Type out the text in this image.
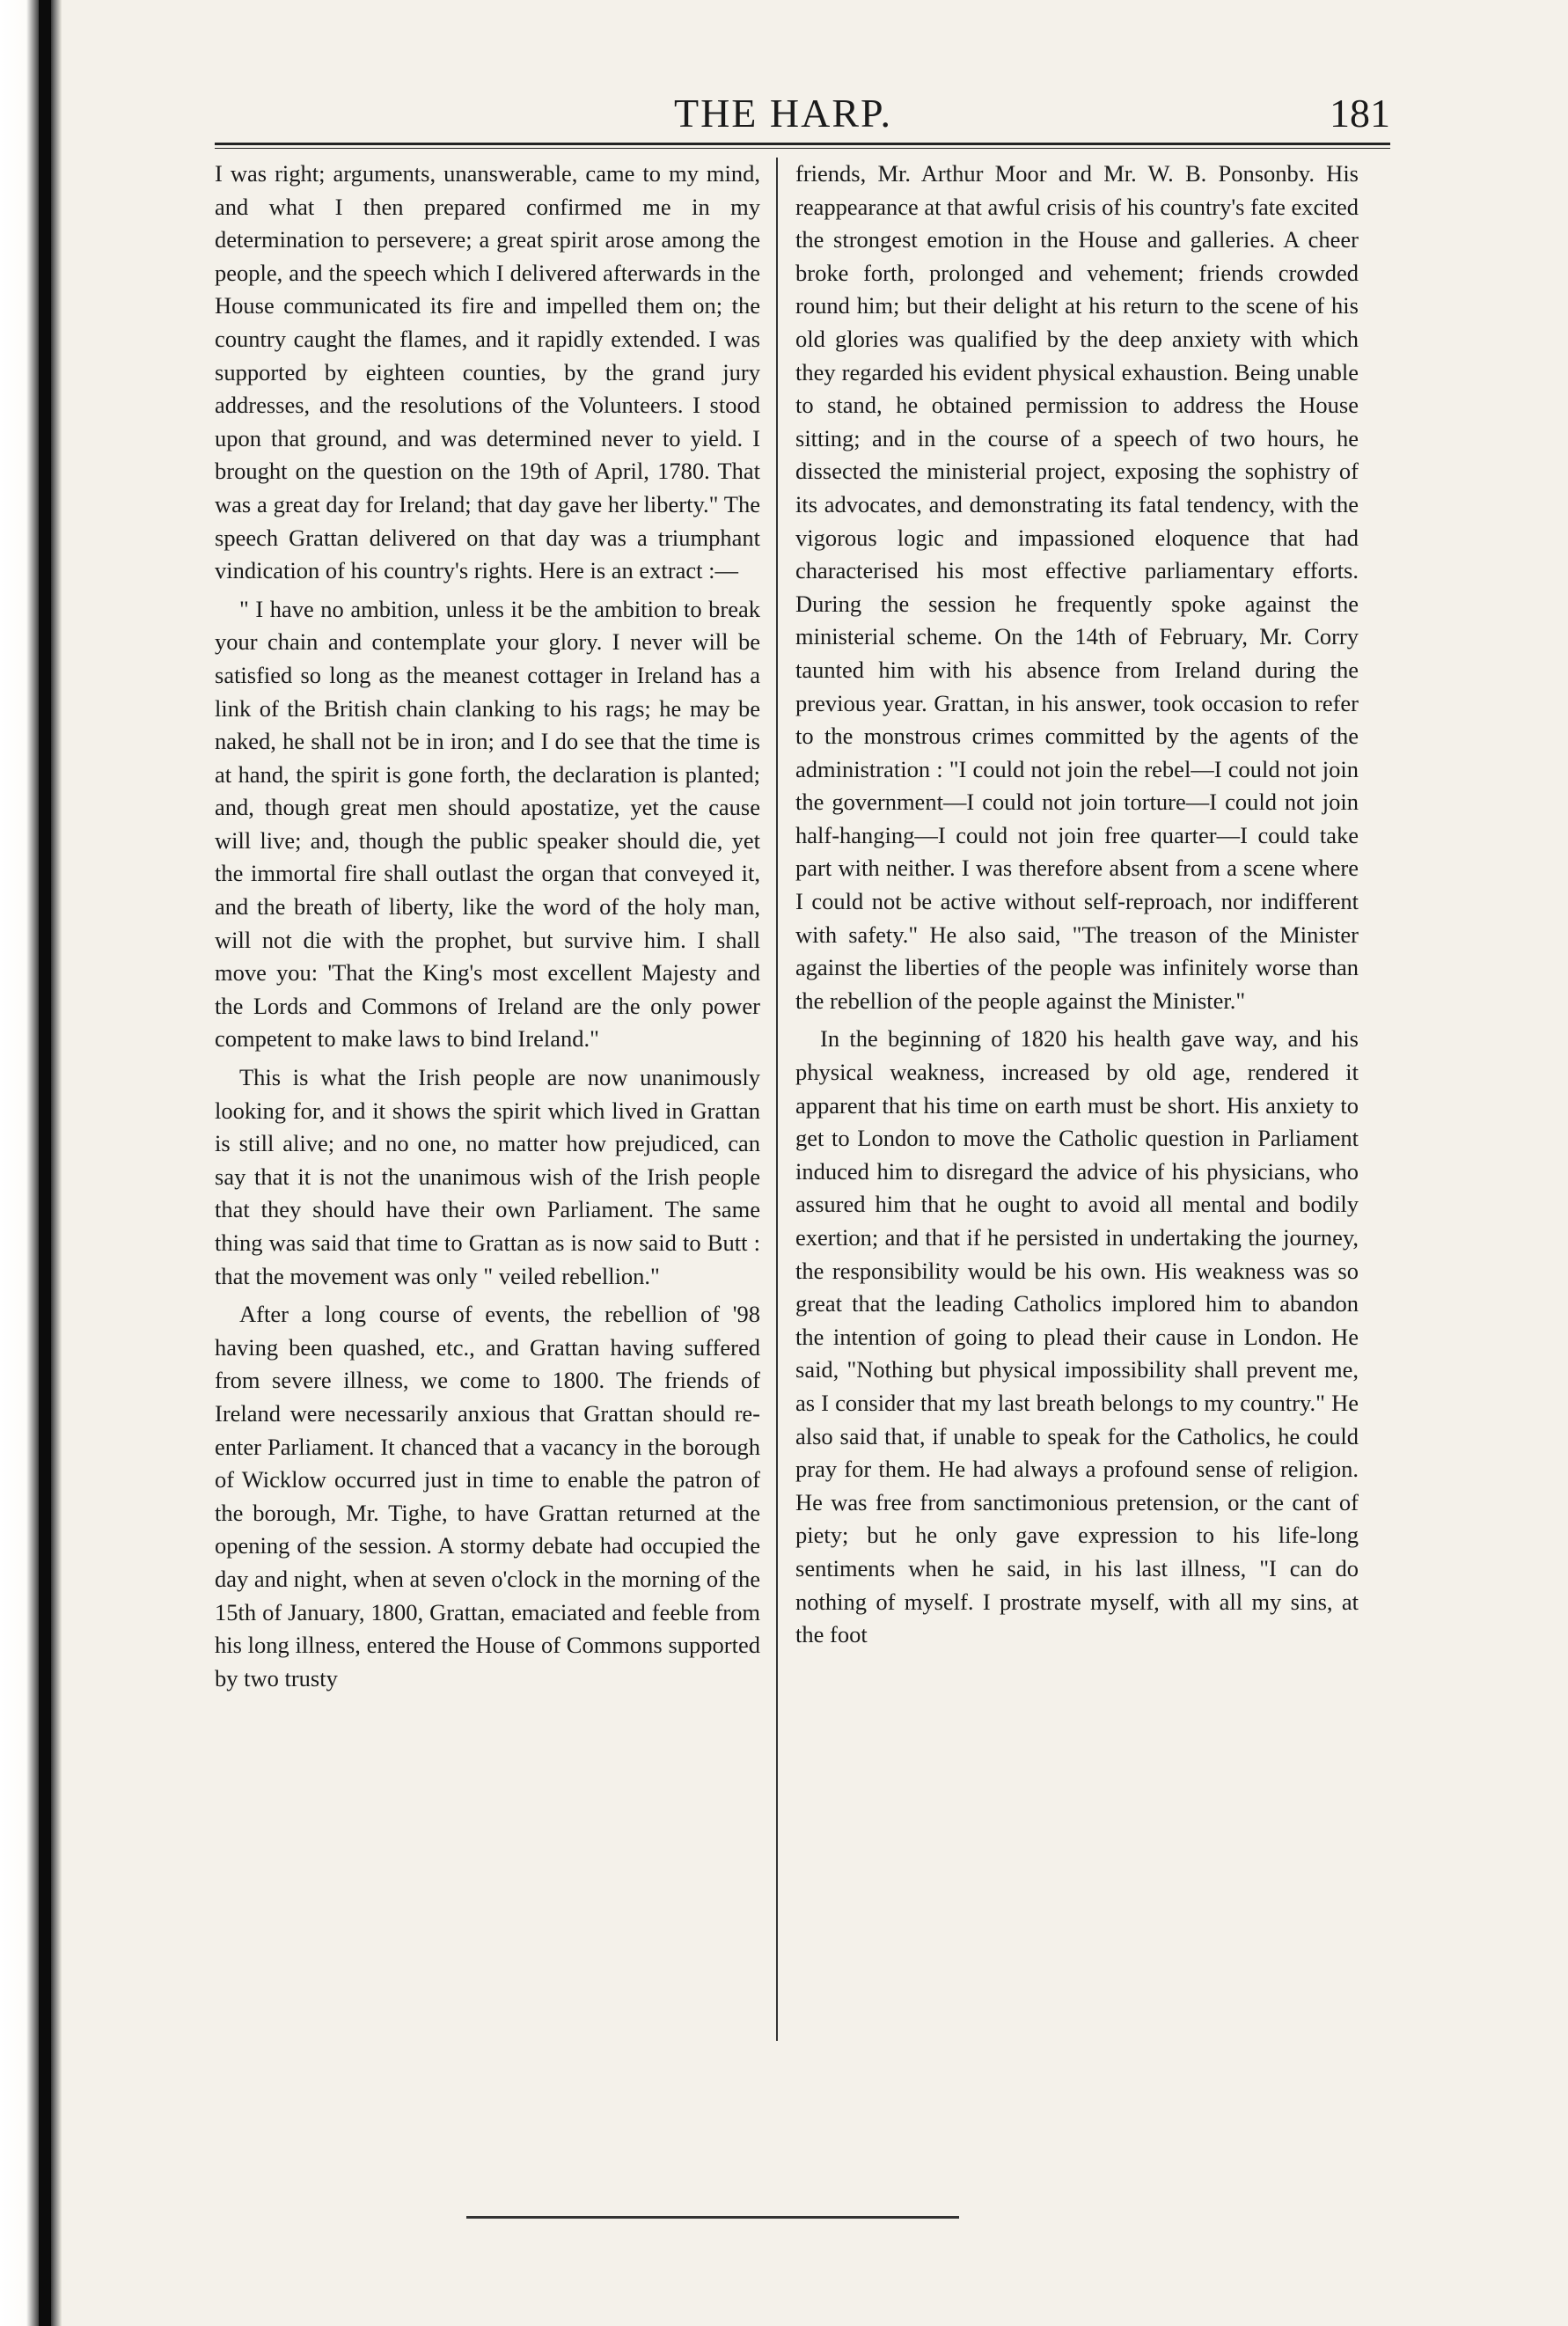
THE HARP.	181

I was right; arguments, unanswerable, came to my mind, and what I then prepared confirmed me in my determination to persevere; a great spirit arose among the people, and the speech which I delivered afterwards in the House communicated its fire and impelled them on; the country caught the flames, and it rapidly extended. I was supported by eighteen counties, by the grand jury addresses, and the resolutions of the Volunteers. I stood upon that ground, and was determined never to yield. I brought on the question on the 19th of April, 1780. That was a great day for Ireland; that day gave her liberty." The speech Grattan delivered on that day was a triumphant vindication of his country's rights. Here is an extract :—

" I have no ambition, unless it be the ambition to break your chain and contemplate your glory. I never will be satisfied so long as the meanest cottager in Ireland has a link of the British chain clanking to his rags; he may be naked, he shall not be in iron; and I do see that the time is at hand, the spirit is gone forth, the declaration is planted; and, though great men should apostatize, yet the cause will live; and, though the public speaker should die, yet the immortal fire shall outlast the organ that conveyed it, and the breath of liberty, like the word of the holy man, will not die with the prophet, but survive him. I shall move you: 'That the King's most excellent Majesty and the Lords and Commons of Ireland are the only power competent to make laws to bind Ireland."

This is what the Irish people are now unanimously looking for, and it shows the spirit which lived in Grattan is still alive; and no one, no matter how prejudiced, can say that it is not the unanimous wish of the Irish people that they should have their own Parliament. The same thing was said that time to Grattan as is now said to Butt : that the movement was only " veiled rebellion."

After a long course of events, the rebellion of '98 having been quashed, etc., and Grattan having suffered from severe illness, we come to 1800. The friends of Ireland were necessarily anxious that Grattan should re-enter Parliament. It chanced that a vacancy in the borough of Wicklow occurred just in time to enable the patron of the borough, Mr. Tighe, to have Grattan returned at the opening of the session. A stormy debate had occupied the day and night, when at seven o'clock in the morning of the 15th of January, 1800, Grattan, emaciated and feeble from his long illness, entered the House of Commons supported by two trusty

friends, Mr. Arthur Moor and Mr. W. B. Ponsonby. His reappearance at that awful crisis of his country's fate excited the strongest emotion in the House and galleries. A cheer broke forth, prolonged and vehement; friends crowded round him; but their delight at his return to the scene of his old glories was qualified by the deep anxiety with which they regarded his evident physical exhaustion. Being unable to stand, he obtained permission to address the House sitting; and in the course of a speech of two hours, he dissected the ministerial project, exposing the sophistry of its advocates, and demonstrating its fatal tendency, with the vigorous logic and impassioned eloquence that had characterised his most effective parliamentary efforts. During the session he frequently spoke against the ministerial scheme. On the 14th of February, Mr. Corry taunted him with his absence from Ireland during the previous year. Grattan, in his answer, took occasion to refer to the monstrous crimes committed by the agents of the administration : "I could not join the rebel—I could not join the government—I could not join torture—I could not join half-hanging—I could not join free quarter—I could take part with neither. I was therefore absent from a scene where I could not be active without self-reproach, nor indifferent with safety." He also said, "The treason of the Minister against the liberties of the people was infinitely worse than the rebellion of the people against the Minister."

In the beginning of 1820 his health gave way, and his physical weakness, increased by old age, rendered it apparent that his time on earth must be short. His anxiety to get to London to move the Catholic question in Parliament induced him to disregard the advice of his physicians, who assured him that he ought to avoid all mental and bodily exertion; and that if he persisted in undertaking the journey, the responsibility would be his own. His weakness was so great that the leading Catholics implored him to abandon the intention of going to plead their cause in London. He said, "Nothing but physical impossibility shall prevent me, as I consider that my last breath belongs to my country." He also said that, if unable to speak for the Catholics, he could pray for them. He had always a profound sense of religion. He was free from sanctimonious pretension, or the cant of piety; but he only gave expression to his life-long sentiments when he said, in his last illness, "I can do nothing of myself. I prostrate myself, with all my sins, at the foot
